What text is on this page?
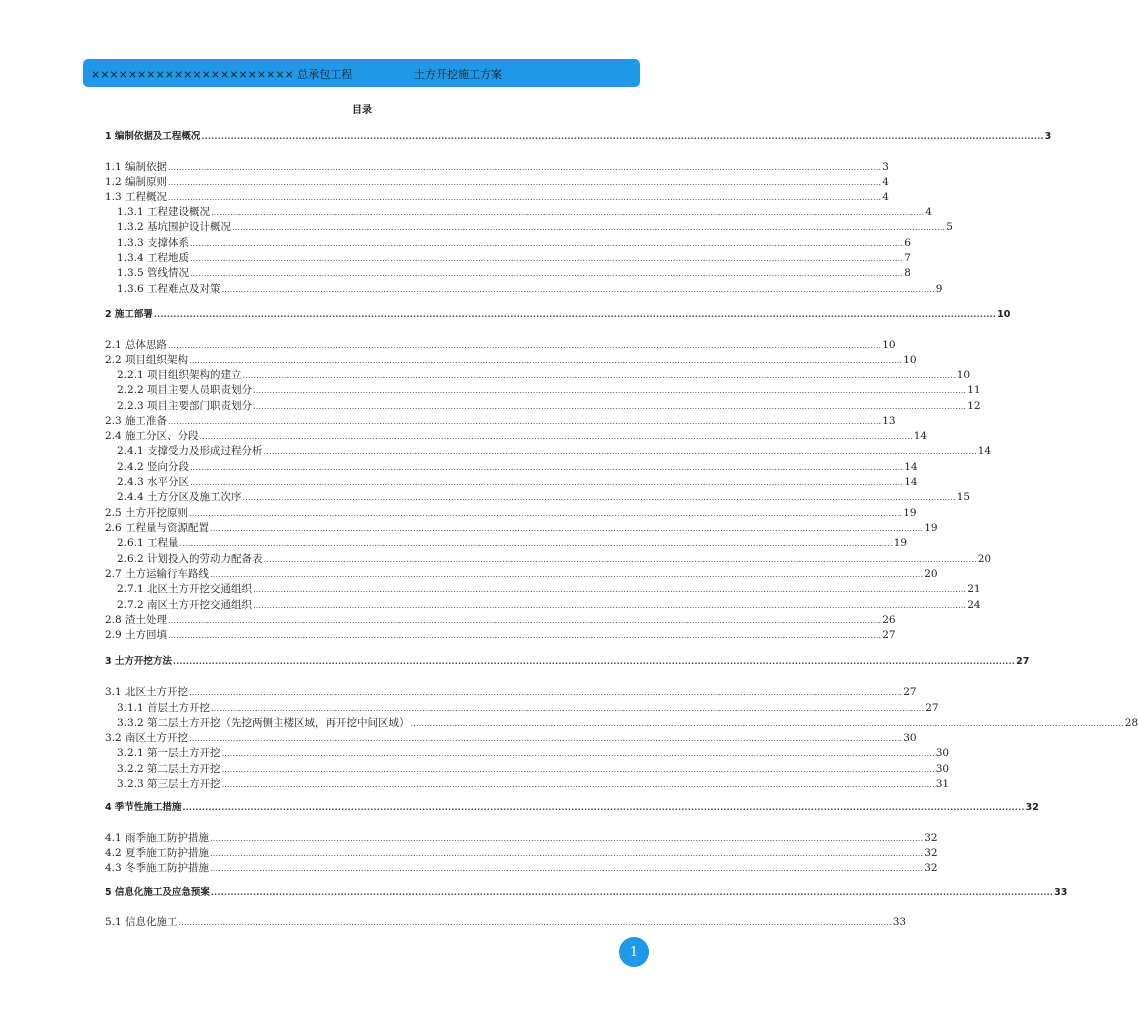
×××××××××××××××××××××× 总承包工程	土方开挖施工方案
目录
1 编制依据及工程概况 .................................................................................................................................................................................................................................................................... 3
1.1 编制依据 .................................................................................................................................................................................................................................................................... 3
1.2 编制原则 .................................................................................................................................................................................................................................................................... 4
1.3 工程概况 .................................................................................................................................................................................................................................................................... 4
1.3.1 工程建设概况 .................................................................................................................................................................................................................................................................... 4
1.3.2 基坑围护设计概况 .................................................................................................................................................................................................................................................................... 5
1.3.3 支撑体系 .................................................................................................................................................................................................................................................................... 6
1.3.4 工程地质 .................................................................................................................................................................................................................................................................... 7
1.3.5 管线情况 .................................................................................................................................................................................................................................................................... 8
1.3.6 工程难点及对策 .................................................................................................................................................................................................................................................................... 9
2 施工部署 .................................................................................................................................................................................................................................................................... 10
2.1 总体思路 .................................................................................................................................................................................................................................................................... 10
2.2 项目组织架构 .................................................................................................................................................................................................................................................................... 10
2.2.1 项目组织架构的建立 .................................................................................................................................................................................................................................................................... 10
2.2.2 项目主要人员职责划分 .................................................................................................................................................................................................................................................................... 11
2.2.3 项目主要部门职责划分 .................................................................................................................................................................................................................................................................... 12
2.3 施工准备 .................................................................................................................................................................................................................................................................... 13
2.4 施工分区、分段 .................................................................................................................................................................................................................................................................... 14
2.4.1 支撑受力及形成过程分析 .................................................................................................................................................................................................................................................................... 14
2.4.2 竖向分段 .................................................................................................................................................................................................................................................................... 14
2.4.3 水平分区 .................................................................................................................................................................................................................................................................... 14
2.4.4 土方分区及施工次序 .................................................................................................................................................................................................................................................................... 15
2.5 土方开挖原则 .................................................................................................................................................................................................................................................................... 19
2.6 工程量与资源配置 .................................................................................................................................................................................................................................................................... 19
2.6.1 工程量 .................................................................................................................................................................................................................................................................... 19
2.6.2 计划投入的劳动力配备表 .................................................................................................................................................................................................................................................................... 20
2.7 土方运输行车路线 .................................................................................................................................................................................................................................................................... 20
2.7.1 北区土方开挖交通组织 .................................................................................................................................................................................................................................................................... 21
2.7.2 南区土方开挖交通组织 .................................................................................................................................................................................................................................................................... 24
2.8 渣土处理 .................................................................................................................................................................................................................................................................... 26
2.9 土方回填 .................................................................................................................................................................................................................................................................... 27
3 土方开挖方法 .................................................................................................................................................................................................................................................................... 27
3.1 北区土方开挖 .................................................................................................................................................................................................................................................................... 27
3.1.1 首层土方开挖 .................................................................................................................................................................................................................................................................... 27
3.3.2 第二层土方开挖（先挖两侧主楼区域，再开挖中间区域） .................................................................................................................................................................................................................................................................... 28
3.2 南区土方开挖 .................................................................................................................................................................................................................................................................... 30
3.2.1 第一层土方开挖 .................................................................................................................................................................................................................................................................... 30
3.2.2 第二层土方开挖 .................................................................................................................................................................................................................................................................... 30
3.2.3 第三层土方开挖 .................................................................................................................................................................................................................................................................... 31
4 季节性施工措施 .................................................................................................................................................................................................................................................................... 32
4.1 雨季施工防护措施 .................................................................................................................................................................................................................................................................... 32
4.2 夏季施工防护措施 .................................................................................................................................................................................................................................................................... 32
4.3 冬季施工防护措施 .................................................................................................................................................................................................................................................................... 32
5 信息化施工及应急预案 .................................................................................................................................................................................................................................................................... 33
5.1 信息化施工 .................................................................................................................................................................................................................................................................... 33
1
